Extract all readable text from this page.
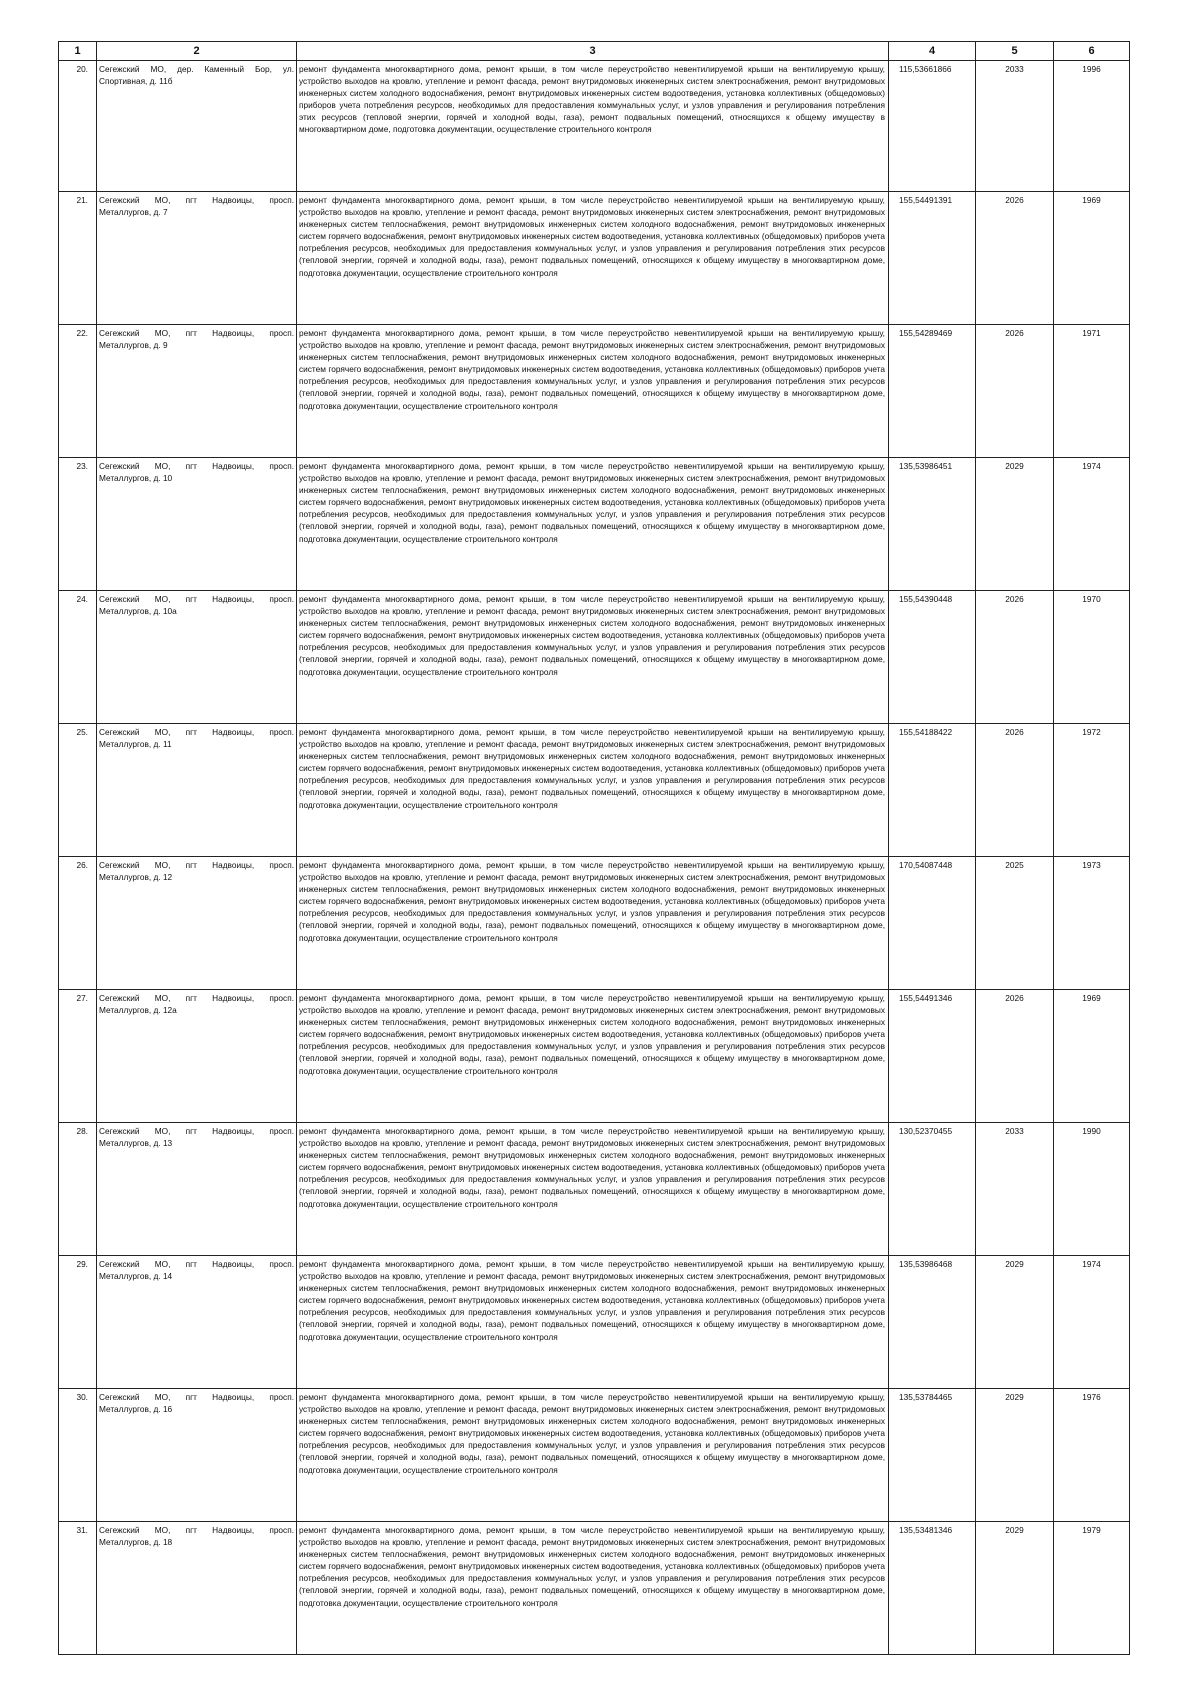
1	2	3	4	5	6
20.	Сегежский МО, дер. Каменный Бор, ул. Спортивная, д. 11б	ремонт фундамента многоквартирного дома, ремонт крыши, в том числе переустройство невентилируемой крыши на вентилируемую крышу, устройство выходов на кровлю, утепление и ремонт фасада, ремонт внутридомовых инженерных систем электроснабжения, ремонт внутридомовых инженерных систем холодного водоснабжения, ремонт внутридомовых инженерных систем водоотведения, установка коллективных (общедомовых) приборов учета потребления ресурсов, необходимых для предоставления коммунальных услуг, и узлов управления и регулирования потребления этих ресурсов (тепловой энергии, горячей и холодной воды, газа), ремонт подвальных помещений, относящихся к общему имуществу в многоквартирном доме, подготовка документации, осуществление строительного контроля	115,53661866	2033	1996
21.	Сегежский МО, пгт Надвоицы, просп. Металлургов, д. 7	ремонт фундамента многоквартирного дома, ремонт крыши, в том числе переустройство невентилируемой крыши на вентилируемую крышу, устройство выходов на кровлю, утепление и ремонт фасада, ремонт внутридомовых инженерных систем электроснабжения, ремонт внутридомовых инженерных систем теплоснабжения, ремонт внутридомовых инженерных систем холодного водоснабжения, ремонт внутридомовых инженерных систем горячего водоснабжения, ремонт внутридомовых инженерных систем водоотведения, установка коллективных (общедомовых) приборов учета потребления ресурсов, необходимых для предоставления коммунальных услуг, и узлов управления и регулирования потребления этих ресурсов (тепловой энергии, горячей и холодной воды, газа), ремонт подвальных помещений, относящихся к общему имуществу в многоквартирном доме, подготовка документации, осуществление строительного контроля	155,54491391	2026	1969
22.	Сегежский МО, пгт Надвоицы, просп. Металлургов, д. 9	ремонт фундамента многоквартирного дома, ремонт крыши, в том числе переустройство невентилируемой крыши на вентилируемую крышу, устройство выходов на кровлю, утепление и ремонт фасада, ремонт внутридомовых инженерных систем электроснабжения, ремонт внутридомовых инженерных систем теплоснабжения, ремонт внутридомовых инженерных систем холодного водоснабжения, ремонт внутридомовых инженерных систем горячего водоснабжения, ремонт внутридомовых инженерных систем водоотведения, установка коллективных (общедомовых) приборов учета потребления ресурсов, необходимых для предоставления коммунальных услуг, и узлов управления и регулирования потребления этих ресурсов (тепловой энергии, горячей и холодной воды, газа), ремонт подвальных помещений, относящихся к общему имуществу в многоквартирном доме, подготовка документации, осуществление строительного контроля	155,54289469	2026	1971
23.	Сегежский МО, пгт Надвоицы, просп. Металлургов, д. 10	ремонт фундамента многоквартирного дома, ремонт крыши, в том числе переустройство невентилируемой крыши на вентилируемую крышу, устройство выходов на кровлю, утепление и ремонт фасада, ремонт внутридомовых инженерных систем электроснабжения, ремонт внутридомовых инженерных систем теплоснабжения, ремонт внутридомовых инженерных систем холодного водоснабжения, ремонт внутридомовых инженерных систем горячего водоснабжения, ремонт внутридомовых инженерных систем водоотведения, установка коллективных (общедомовых) приборов учета потребления ресурсов, необходимых для предоставления коммунальных услуг, и узлов управления и регулирования потребления этих ресурсов (тепловой энергии, горячей и холодной воды, газа), ремонт подвальных помещений, относящихся к общему имуществу в многоквартирном доме, подготовка документации, осуществление строительного контроля	135,53986451	2029	1974
24.	Сегежский МО, пгт Надвоицы, просп. Металлургов, д. 10а	ремонт фундамента многоквартирного дома, ремонт крыши, в том числе переустройство невентилируемой крыши на вентилируемую крышу, устройство выходов на кровлю, утепление и ремонт фасада, ремонт внутридомовых инженерных систем электроснабжения, ремонт внутридомовых инженерных систем теплоснабжения, ремонт внутридомовых инженерных систем холодного водоснабжения, ремонт внутридомовых инженерных систем горячего водоснабжения, ремонт внутридомовых инженерных систем водоотведения, установка коллективных (общедомовых) приборов учета потребления ресурсов, необходимых для предоставления коммунальных услуг, и узлов управления и регулирования потребления этих ресурсов (тепловой энергии, горячей и холодной воды, газа), ремонт подвальных помещений, относящихся к общему имуществу в многоквартирном доме, подготовка документации, осуществление строительного контроля	155,54390448	2026	1970
25.	Сегежский МО, пгт Надвоицы, просп. Металлургов, д. 11	ремонт фундамента многоквартирного дома, ремонт крыши, в том числе переустройство невентилируемой крыши на вентилируемую крышу, устройство выходов на кровлю, утепление и ремонт фасада, ремонт внутридомовых инженерных систем электроснабжения, ремонт внутридомовых инженерных систем теплоснабжения, ремонт внутридомовых инженерных систем холодного водоснабжения, ремонт внутридомовых инженерных систем горячего водоснабжения, ремонт внутридомовых инженерных систем водоотведения, установка коллективных (общедомовых) приборов учета потребления ресурсов, необходимых для предоставления коммунальных услуг, и узлов управления и регулирования потребления этих ресурсов (тепловой энергии, горячей и холодной воды, газа), ремонт подвальных помещений, относящихся к общему имуществу в многоквартирном доме, подготовка документации, осуществление строительного контроля	155,54188422	2026	1972
26.	Сегежский МО, пгт Надвоицы, просп. Металлургов, д. 12	ремонт фундамента многоквартирного дома, ремонт крыши, в том числе переустройство невентилируемой крыши на вентилируемую крышу, устройство выходов на кровлю, утепление и ремонт фасада, ремонт внутридомовых инженерных систем электроснабжения, ремонт внутридомовых инженерных систем теплоснабжения, ремонт внутридомовых инженерных систем холодного водоснабжения, ремонт внутридомовых инженерных систем горячего водоснабжения, ремонт внутридомовых инженерных систем водоотведения, установка коллективных (общедомовых) приборов учета потребления ресурсов, необходимых для предоставления коммунальных услуг, и узлов управления и регулирования потребления этих ресурсов (тепловой энергии, горячей и холодной воды, газа), ремонт подвальных помещений, относящихся к общему имуществу в многоквартирном доме, подготовка документации, осуществление строительного контроля	170,54087448	2025	1973
27.	Сегежский МО, пгт Надвоицы, просп. Металлургов, д. 12а	ремонт фундамента многоквартирного дома, ремонт крыши, в том числе переустройство невентилируемой крыши на вентилируемую крышу, устройство выходов на кровлю, утепление и ремонт фасада, ремонт внутридомовых инженерных систем электроснабжения, ремонт внутридомовых инженерных систем теплоснабжения, ремонт внутридомовых инженерных систем холодного водоснабжения, ремонт внутридомовых инженерных систем горячего водоснабжения, ремонт внутридомовых инженерных систем водоотведения, установка коллективных (общедомовых) приборов учета потребления ресурсов, необходимых для предоставления коммунальных услуг, и узлов управления и регулирования потребления этих ресурсов (тепловой энергии, горячей и холодной воды, газа), ремонт подвальных помещений, относящихся к общему имуществу в многоквартирном доме, подготовка документации, осуществление строительного контроля	155,54491346	2026	1969
28.	Сегежский МО, пгт Надвоицы, просп. Металлургов, д. 13	ремонт фундамента многоквартирного дома, ремонт крыши, в том числе переустройство невентилируемой крыши на вентилируемую крышу, устройство выходов на кровлю, утепление и ремонт фасада, ремонт внутридомовых инженерных систем электроснабжения, ремонт внутридомовых инженерных систем теплоснабжения, ремонт внутридомовых инженерных систем холодного водоснабжения, ремонт внутридомовых инженерных систем горячего водоснабжения, ремонт внутридомовых инженерных систем водоотведения, установка коллективных (общедомовых) приборов учета потребления ресурсов, необходимых для предоставления коммунальных услуг, и узлов управления и регулирования потребления этих ресурсов (тепловой энергии, горячей и холодной воды, газа), ремонт подвальных помещений, относящихся к общему имуществу в многоквартирном доме, подготовка документации, осуществление строительного контроля	130,52370455	2033	1990
29.	Сегежский МО, пгт Надвоицы, просп. Металлургов, д. 14	ремонт фундамента многоквартирного дома, ремонт крыши, в том числе переустройство невентилируемой крыши на вентилируемую крышу, устройство выходов на кровлю, утепление и ремонт фасада, ремонт внутридомовых инженерных систем электроснабжения, ремонт внутридомовых инженерных систем теплоснабжения, ремонт внутридомовых инженерных систем холодного водоснабжения, ремонт внутридомовых инженерных систем горячего водоснабжения, ремонт внутридомовых инженерных систем водоотведения, установка коллективных (общедомовых) приборов учета потребления ресурсов, необходимых для предоставления коммунальных услуг, и узлов управления и регулирования потребления этих ресурсов (тепловой энергии, горячей и холодной воды, газа), ремонт подвальных помещений, относящихся к общему имуществу в многоквартирном доме, подготовка документации, осуществление строительного контроля	135,53986468	2029	1974
30.	Сегежский МО, пгт Надвоицы, просп. Металлургов, д. 16	ремонт фундамента многоквартирного дома, ремонт крыши, в том числе переустройство невентилируемой крыши на вентилируемую крышу, устройство выходов на кровлю, утепление и ремонт фасада, ремонт внутридомовых инженерных систем электроснабжения, ремонт внутридомовых инженерных систем теплоснабжения, ремонт внутридомовых инженерных систем холодного водоснабжения, ремонт внутридомовых инженерных систем горячего водоснабжения, ремонт внутридомовых инженерных систем водоотведения, установка коллективных (общедомовых) приборов учета потребления ресурсов, необходимых для предоставления коммунальных услуг, и узлов управления и регулирования потребления этих ресурсов (тепловой энергии, горячей и холодной воды, газа), ремонт подвальных помещений, относящихся к общему имуществу в многоквартирном доме, подготовка документации, осуществление строительного контроля	135,53784465	2029	1976
31.	Сегежский МО, пгт Надвоицы, просп. Металлургов, д. 18	ремонт фундамента многоквартирного дома, ремонт крыши, в том числе переустройство невентилируемой крыши на вентилируемую крышу, устройство выходов на кровлю, утепление и ремонт фасада, ремонт внутридомовых инженерных систем электроснабжения, ремонт внутридомовых инженерных систем теплоснабжения, ремонт внутридомовых инженерных систем холодного водоснабжения, ремонт внутридомовых инженерных систем горячего водоснабжения, ремонт внутридомовых инженерных систем водоотведения, установка коллективных (общедомовых) приборов учета потребления ресурсов, необходимых для предоставления коммунальных услуг, и узлов управления и регулирования потребления этих ресурсов (тепловой энергии, горячей и холодной воды, газа), ремонт подвальных помещений, относящихся к общему имуществу в многоквартирном доме, подготовка документации, осуществление строительного контроля	135,53481346	2029	1979
